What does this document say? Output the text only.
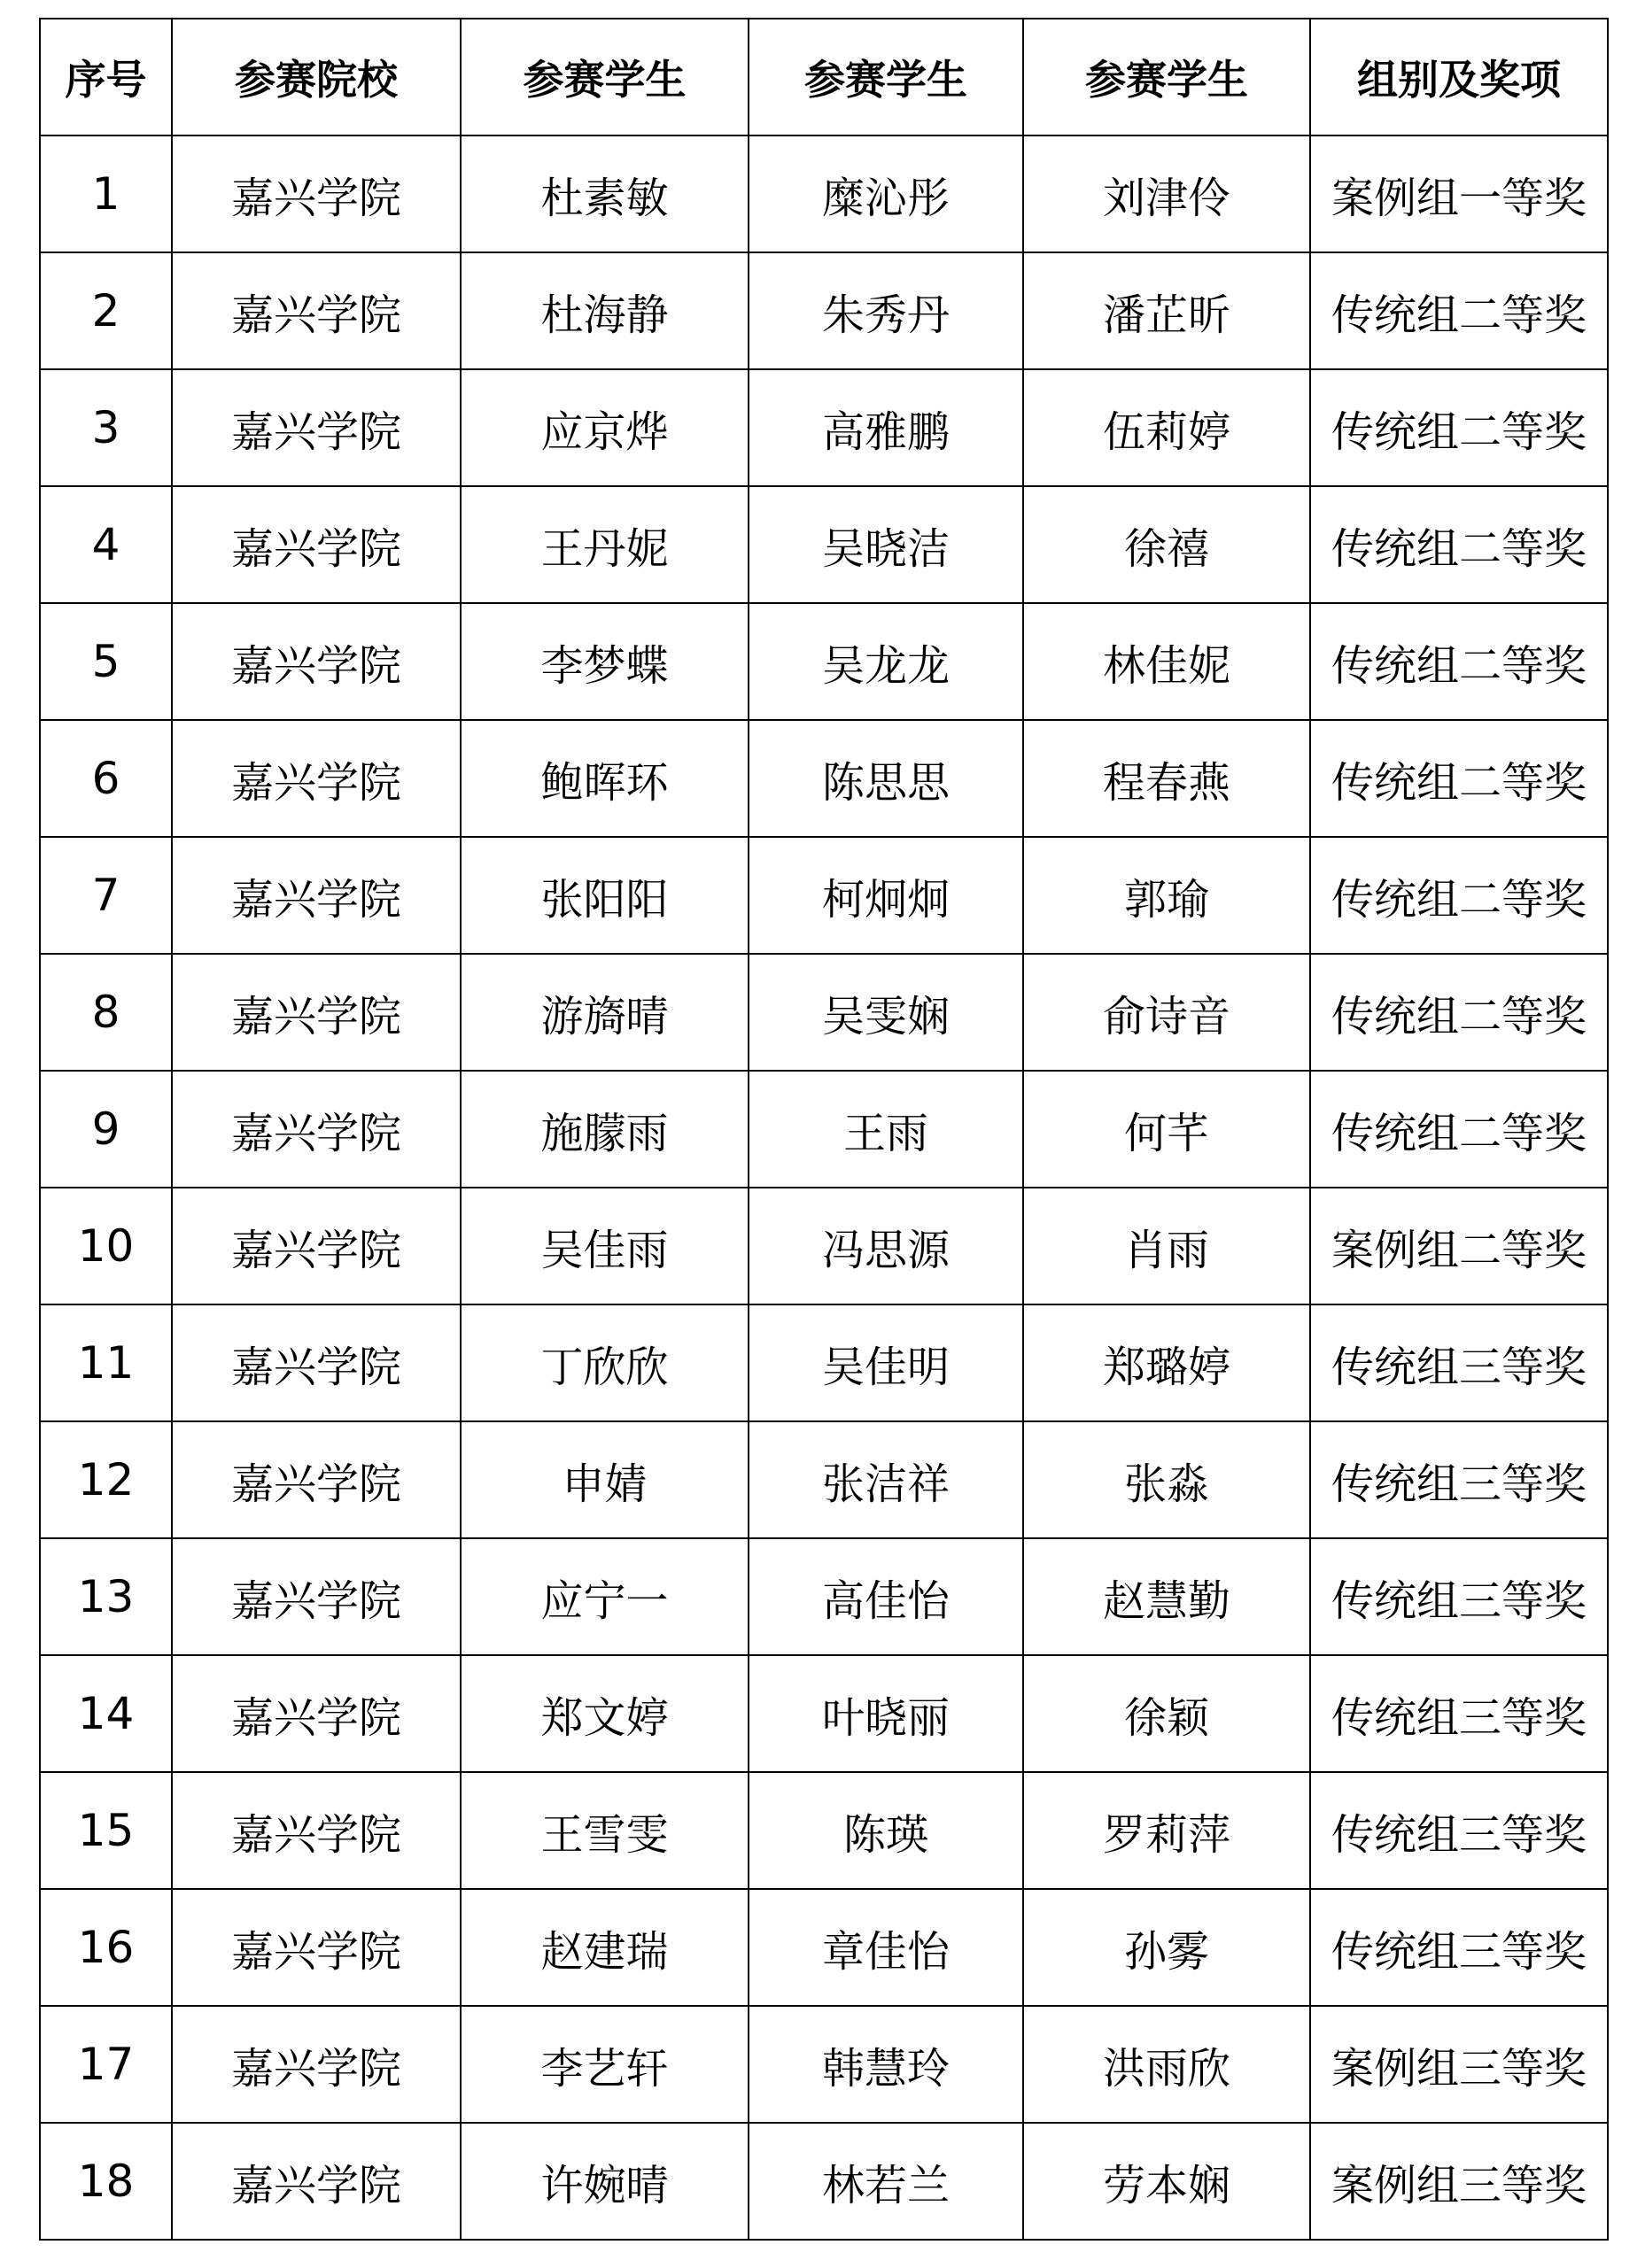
序号	参赛院校	参赛学生	参赛学生	参赛学生	组别及奖项
1	嘉兴学院	杜素敏	糜沁彤	刘津伶	案例组一等奖
2	嘉兴学院	杜海静	朱秀丹	潘芷昕	传统组二等奖
3	嘉兴学院	应京烨	高雅鹏	伍莉婷	传统组二等奖
4	嘉兴学院	王丹妮	吴晓洁	徐禧	传统组二等奖
5	嘉兴学院	李梦蝶	吴龙龙	林佳妮	传统组二等奖
6	嘉兴学院	鲍晖环	陈思思	程春燕	传统组二等奖
7	嘉兴学院	张阳阳	柯炯炯	郭瑜	传统组二等奖
8	嘉兴学院	游旖晴	吴雯娴	俞诗音	传统组二等奖
9	嘉兴学院	施朦雨	王雨	何芊	传统组二等奖
10	嘉兴学院	吴佳雨	冯思源	肖雨	案例组二等奖
11	嘉兴学院	丁欣欣	吴佳明	郑璐婷	传统组三等奖
12	嘉兴学院	申婧	张洁祥	张淼	传统组三等奖
13	嘉兴学院	应宁一	高佳怡	赵慧勤	传统组三等奖
14	嘉兴学院	郑文婷	叶晓丽	徐颖	传统组三等奖
15	嘉兴学院	王雪雯	陈瑛	罗莉萍	传统组三等奖
16	嘉兴学院	赵建瑞	章佳怡	孙雾	传统组三等奖
17	嘉兴学院	李艺轩	韩慧玲	洪雨欣	案例组三等奖
18	嘉兴学院	许婉晴	林若兰	劳本娴	案例组三等奖
